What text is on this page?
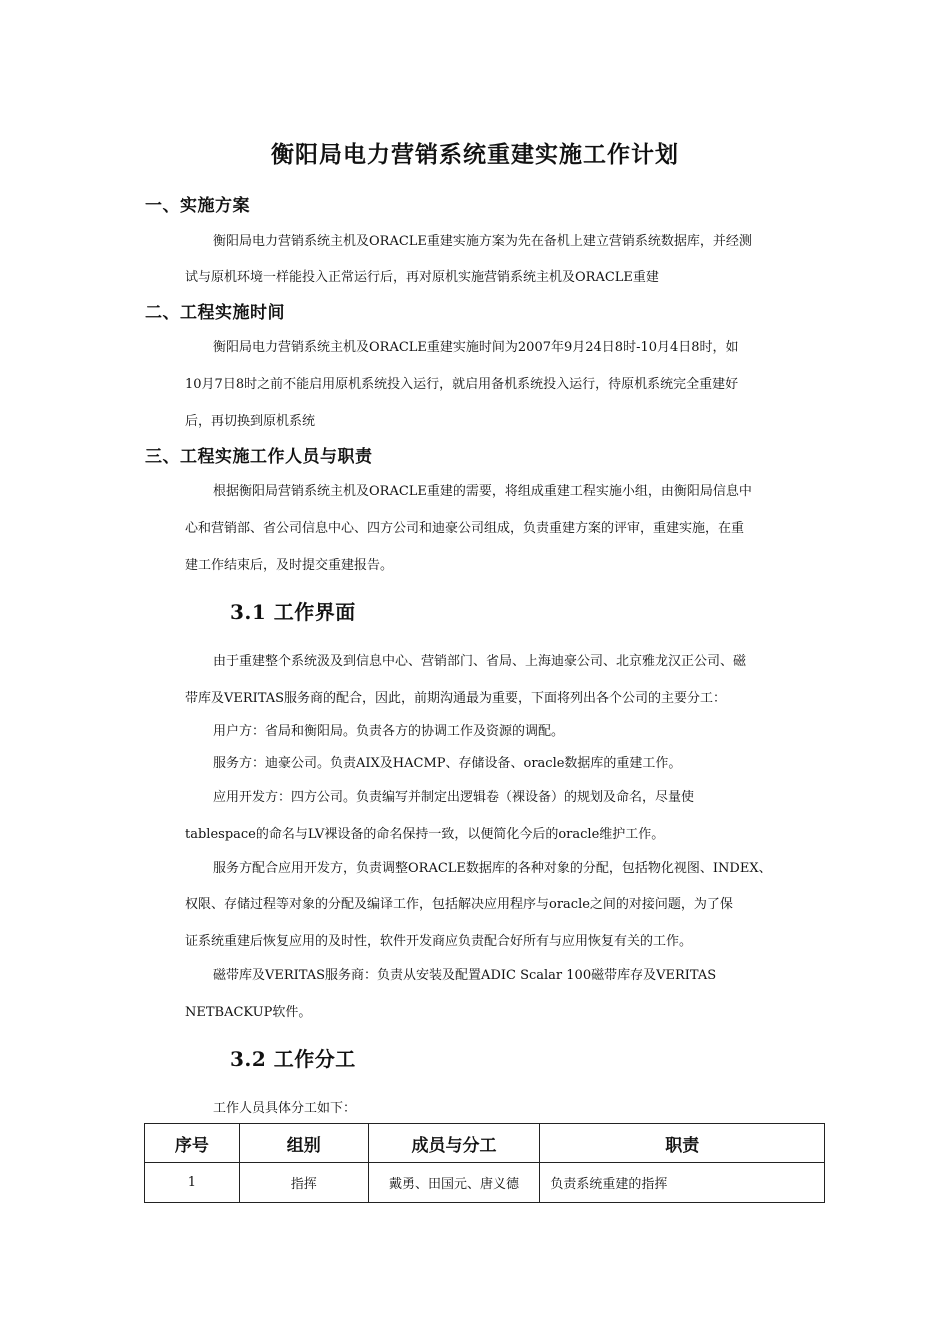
衡阳局电力营销系统重建实施工作计划
一、实施方案
衡阳局电力营销系统主机及ORACLE重建实施方案为先在备机上建立营销系统数据库，并经测
试与原机环境一样能投入正常运行后，再对原机实施营销系统主机及ORACLE重建
二、工程实施时间
衡阳局电力营销系统主机及ORACLE重建实施时间为2007年9月24日8时-10月4日8时，如
10月7日8时之前不能启用原机系统投入运行，就启用备机系统投入运行，待原机系统完全重建好
后，再切换到原机系统
三、工程实施工作人员与职责
根据衡阳局营销系统主机及ORACLE重建的需要，将组成重建工程实施小组，由衡阳局信息中
心和营销部、省公司信息中心、四方公司和迪豪公司组成，负责重建方案的评审，重建实施，在重
建工作结束后，及时提交重建报告。
3.1 工作界面
由于重建整个系统汲及到信息中心、营销部门、省局、上海迪豪公司、北京雅龙汉正公司、磁
带库及VERITAS服务商的配合，因此，前期沟通最为重要，下面将列出各个公司的主要分工：
用户方：省局和衡阳局。负责各方的协调工作及资源的调配。
服务方：迪豪公司。负责AIX及HACMP、存储设备、oracle数据库的重建工作。
应用开发方：四方公司。负责编写并制定出逻辑卷（裸设备）的规划及命名，尽量使
tablespace的命名与LV裸设备的命名保持一致，以便简化今后的oracle维护工作。
服务方配合应用开发方，负责调整ORACLE数据库的各种对象的分配，包括物化视图、INDEX、
权限、存储过程等对象的分配及编译工作，包括解决应用程序与oracle之间的对接问题，为了保
证系统重建后恢复应用的及时性，软件开发商应负责配合好所有与应用恢复有关的工作。
磁带库及VERITAS服务商：负责从安装及配置ADIC Scalar 100磁带库存及VERITAS
NETBACKUP软件。
3.2 工作分工
工作人员具体分工如下：
序号	组别	成员与分工	职责
1	指挥	戴勇、田国元、唐义德	负责系统重建的指挥
